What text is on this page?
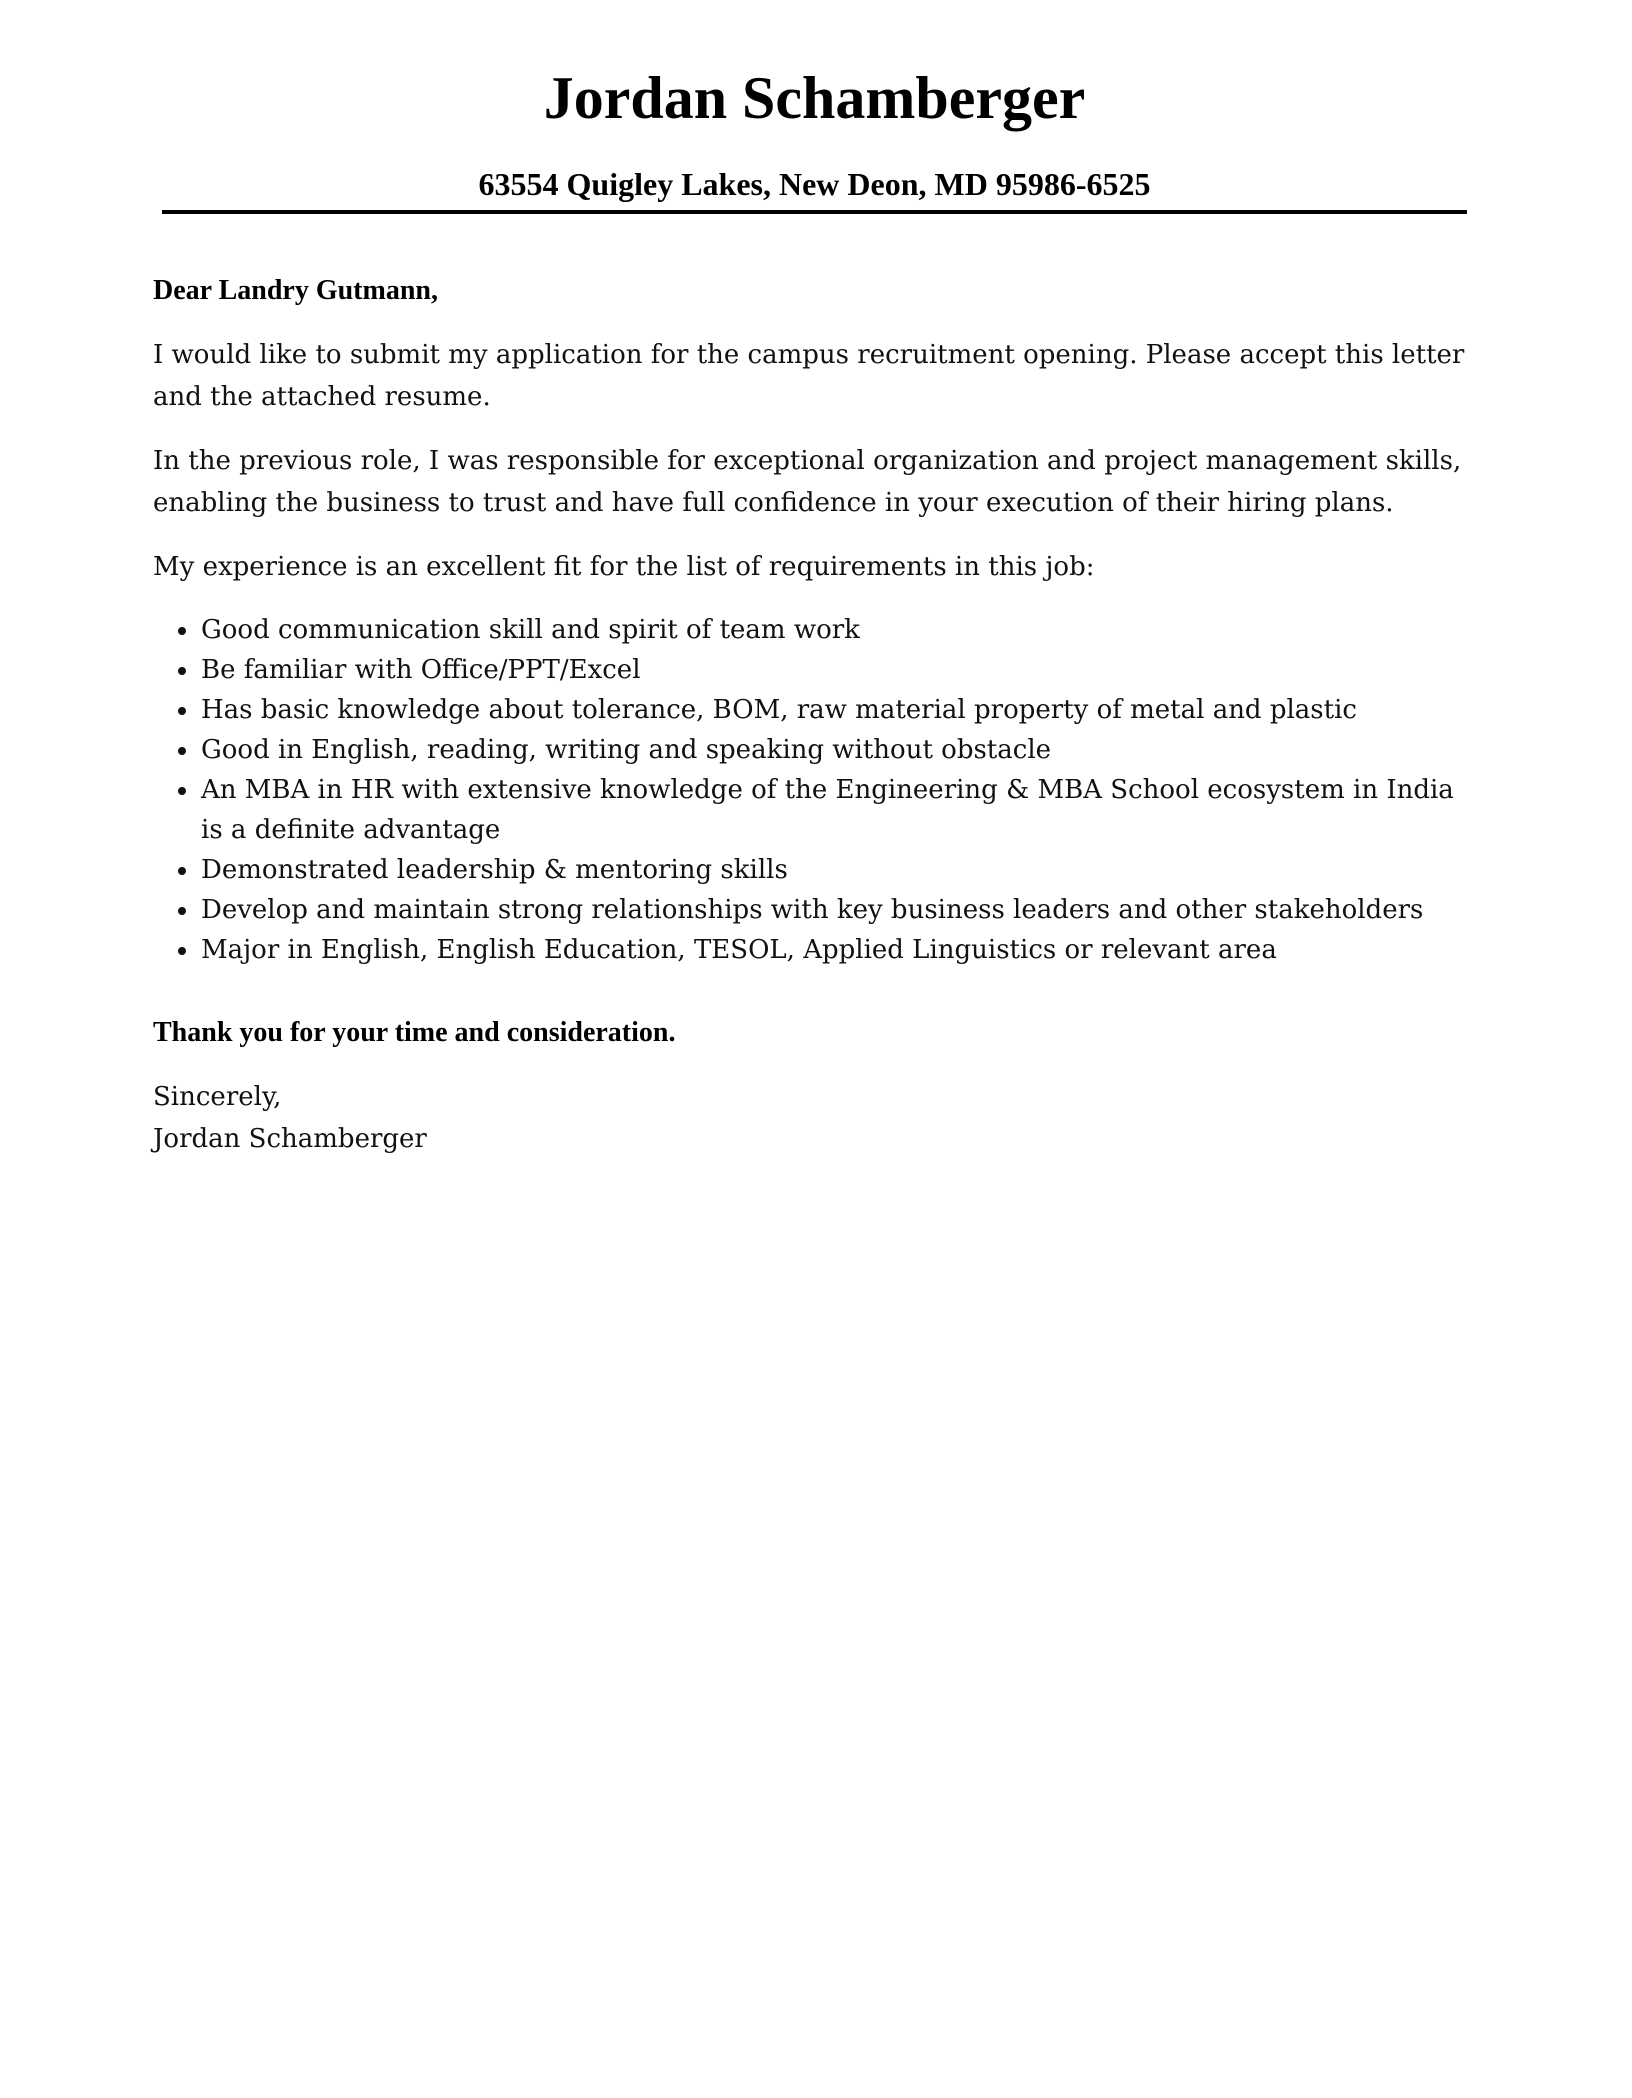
Jordan Schamberger
63554 Quigley Lakes, New Deon, MD 95986-6525

Dear Landry Gutmann,

I would like to submit my application for the campus recruitment opening. Please accept this letter and the attached resume.

In the previous role, I was responsible for exceptional organization and project management skills, enabling the business to trust and have full confidence in your execution of their hiring plans.

My experience is an excellent fit for the list of requirements in this job:

Good communication skill and spirit of team work
Be familiar with Office/PPT/Excel
Has basic knowledge about tolerance, BOM, raw material property of metal and plastic
Good in English, reading, writing and speaking without obstacle
An MBA in HR with extensive knowledge of the Engineering & MBA School ecosystem in India is a definite advantage
Demonstrated leadership & mentoring skills
Develop and maintain strong relationships with key business leaders and other stakeholders
Major in English, English Education, TESOL, Applied Linguistics or relevant area

Thank you for your time and consideration.

Sincerely,

Jordan Schamberger
